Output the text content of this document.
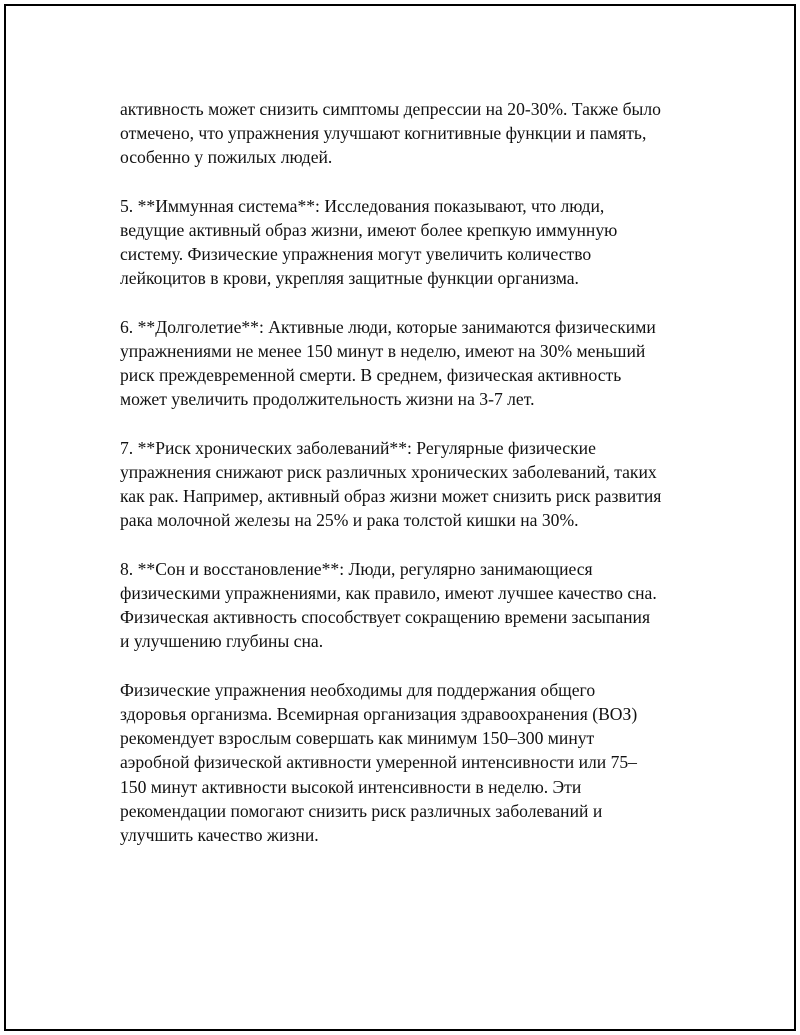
активность может снизить симптомы депрессии на 20-30%. Также было
отмечено, что упражнения улучшают когнитивные функции и память,
особенно у пожилых людей.

5. **Иммунная система**: Исследования показывают, что люди,
ведущие активный образ жизни, имеют более крепкую иммунную
систему. Физические упражнения могут увеличить количество
лейкоцитов в крови, укрепляя защитные функции организма.

6. **Долголетие**: Активные люди, которые занимаются физическими
упражнениями не менее 150 минут в неделю, имеют на 30% меньший
риск преждевременной смерти. В среднем, физическая активность
может увеличить продолжительность жизни на 3-7 лет.

7. **Риск хронических заболеваний**: Регулярные физические
упражнения снижают риск различных хронических заболеваний, таких
как рак. Например, активный образ жизни может снизить риск развития
рака молочной железы на 25% и рака толстой кишки на 30%.

8. **Сон и восстановление**: Люди, регулярно занимающиеся
физическими упражнениями, как правило, имеют лучшее качество сна.
Физическая активность способствует сокращению времени засыпания
и улучшению глубины сна.

Физические упражнения необходимы для поддержания общего
здоровья организма. Всемирная организация здравоохранения (ВОЗ)
рекомендует взрослым совершать как минимум 150–300 минут
аэробной физической активности умеренной интенсивности или 75–
150 минут активности высокой интенсивности в неделю. Эти
рекомендации помогают снизить риск различных заболеваний и
улучшить качество жизни.
